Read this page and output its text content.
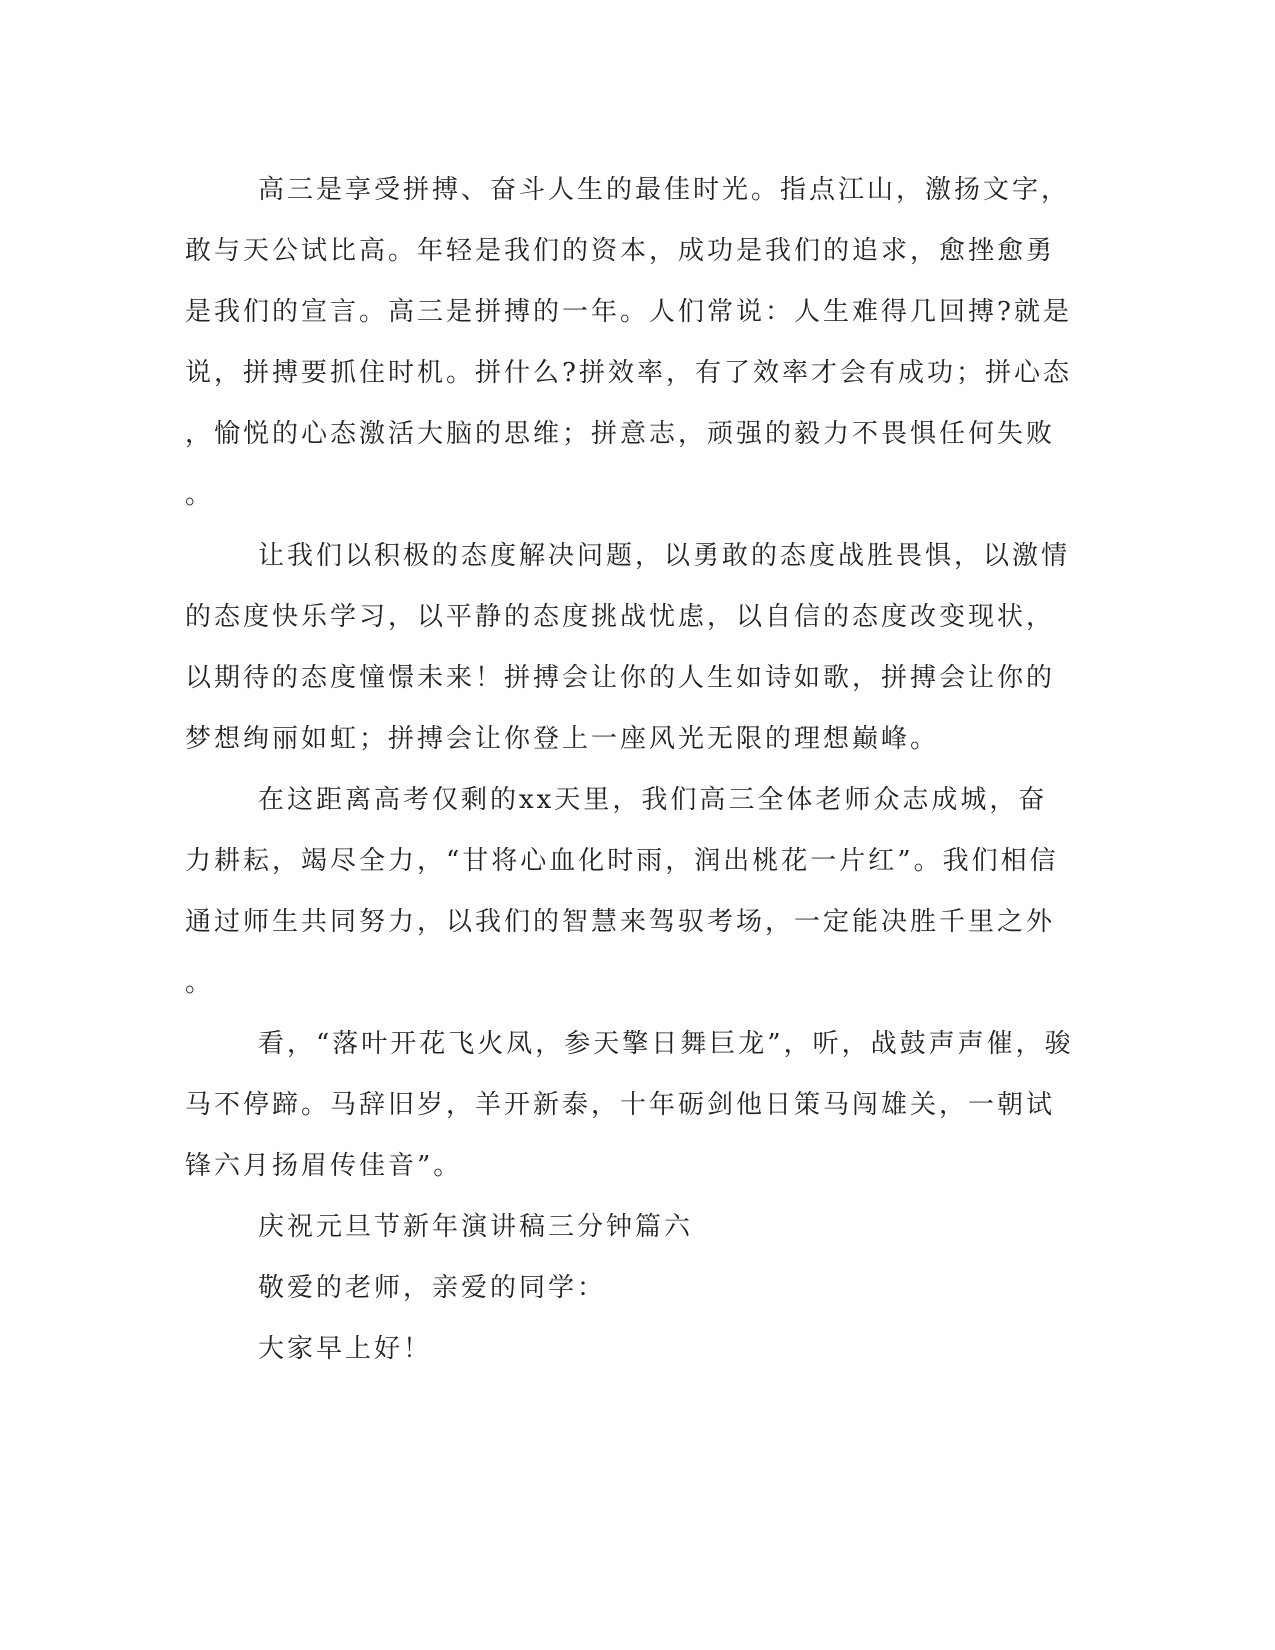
高三是享受拼搏、奋斗人生的最佳时光。指点江山，激扬文字，
敢与天公试比高。年轻是我们的资本，成功是我们的追求，愈挫愈勇
是我们的宣言。高三是拼搏的一年。人们常说：人生难得几回搏?就是
说，拼搏要抓住时机。拼什么?拼效率，有了效率才会有成功；拼心态
，愉悦的心态激活大脑的思维；拼意志，顽强的毅力不畏惧任何失败
。
让我们以积极的态度解决问题，以勇敢的态度战胜畏惧，以激情
的态度快乐学习，以平静的态度挑战忧虑，以自信的态度改变现状，
以期待的态度憧憬未来！拼搏会让你的人生如诗如歌，拼搏会让你的
梦想绚丽如虹；拼搏会让你登上一座风光无限的理想巅峰。
在这距离高考仅剩的xx天里，我们高三全体老师众志成城，奋
力耕耘，竭尽全力，“甘将心血化时雨，润出桃花一片红”。我们相信
通过师生共同努力，以我们的智慧来驾驭考场，一定能决胜千里之外
。
看，“落叶开花飞火凤，参天擎日舞巨龙”，听，战鼓声声催，骏
马不停蹄。马辞旧岁，羊开新泰，十年砺剑他日策马闯雄关，一朝试
锋六月扬眉传佳音”。
庆祝元旦节新年演讲稿三分钟篇六
敬爱的老师，亲爱的同学：
大家早上好！
